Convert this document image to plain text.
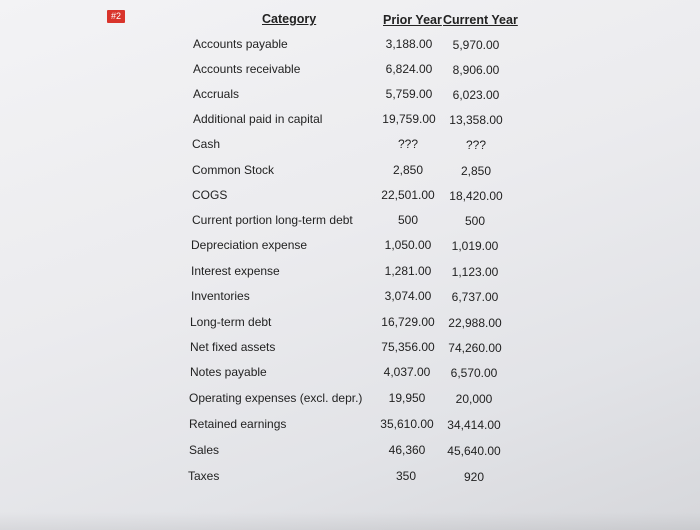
#2	Category	Prior Year Current Year
Accounts payable	3,188.00	5,970.00
Accounts receivable	6,824.00	8,906.00
Accruals	5,759.00	6,023.00
Additional paid in capital	19,759.00	13,358.00
Cash	???	???
Common Stock	2,850	2,850
COGS	22,501.00	18,420.00
Current portion long-term debt	500	500
Depreciation expense	1,050.00	1,019.00
Interest expense	1,281.00	1,123.00
Inventories	3,074.00	6,737.00
Long-term debt	16,729.00	22,988.00
Net fixed assets	75,356.00	74,260.00
Notes payable	4,037.00	6,570.00
Operating expenses (excl. depr.)	19,950	20,000
Retained earnings	35,610.00	34,414.00
Sales	46,360	45,640.00
Taxes	350	920
